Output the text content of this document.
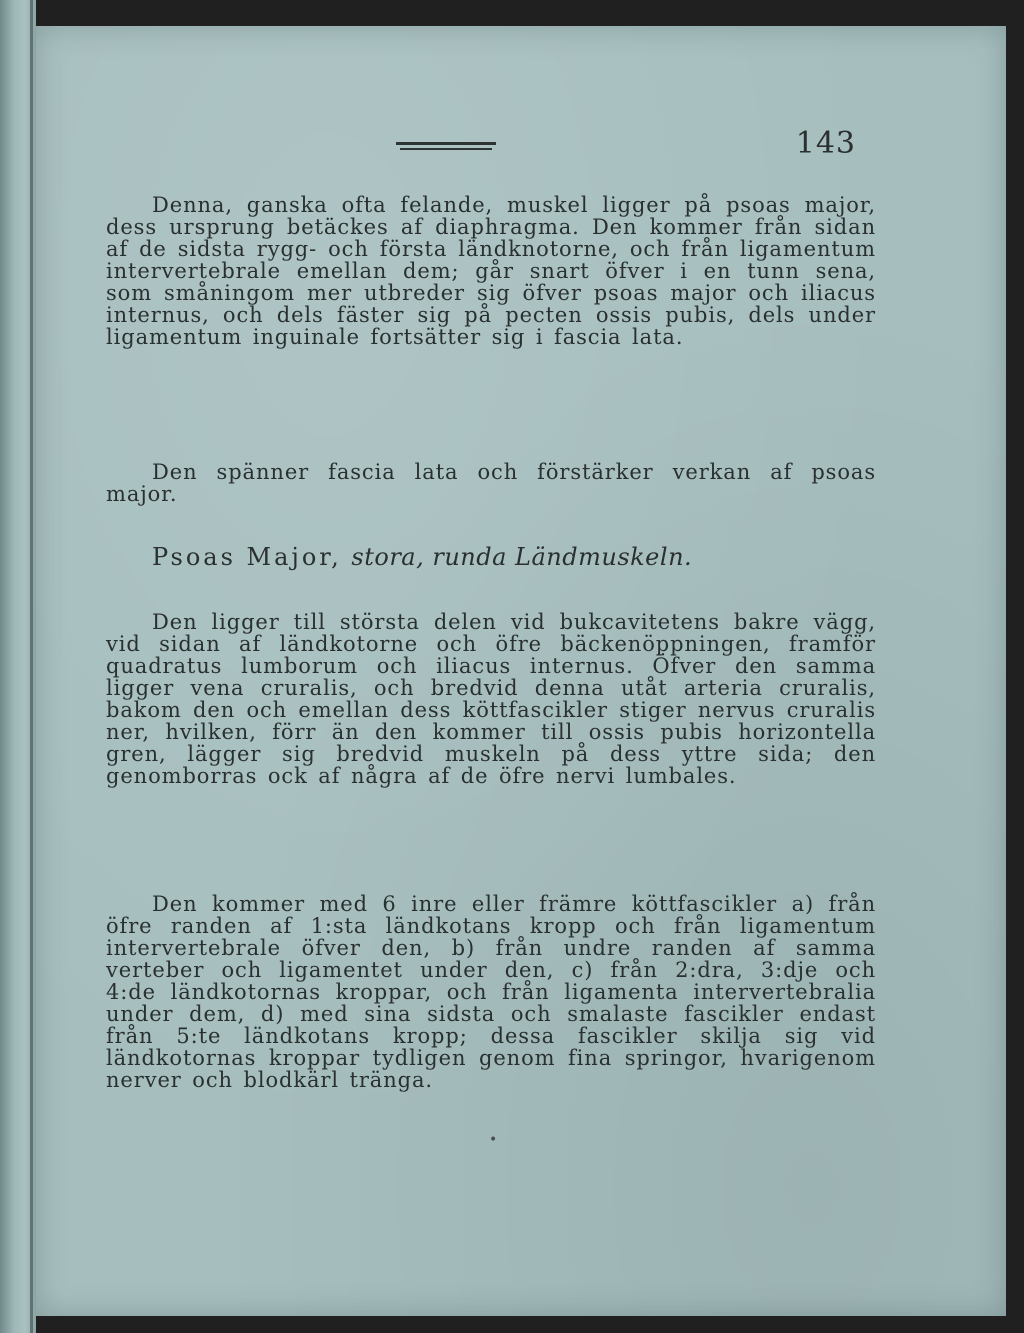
143

Denna, ganska ofta felande, muskel ligger på psoas major, dess ursprung betäckes af diaphragma. Den kommer från sidan af de sidsta rygg- och första ländknotorne, och från ligamentum intervertebrale emellan dem; går snart öfver i en tunn sena, som småningom mer utbreder sig öfver psoas major och iliacus internus, och dels fäster sig på pecten ossis pubis, dels under ligamentum inguinale fortsätter sig i fascia lata.

Den spänner fascia lata och förstärker verkan af psoas major.

Psoas Major, stora, runda Ländmuskeln.

Den ligger till största delen vid bukcavitetens bakre vägg, vid sidan af ländkotorne och öfre bäckenöppningen, framför quadratus lumborum och iliacus internus. Öfver den samma ligger vena cruralis, och bredvid denna utåt arteria cruralis, bakom den och emellan dess köttfascikler stiger nervus cruralis ner, hvilken, förr än den kommer till ossis pubis horizontella gren, lägger sig bredvid muskeln på dess yttre sida; den genomborras ock af några af de öfre nervi lumbales.

Den kommer med 6 inre eller främre köttfascikler a) från öfre randen af 1:sta ländkotans kropp och från ligamentum intervertebrale öfver den, b) från undre randen af samma verteber och ligamentet under den, c) från 2:dra, 3:dje och 4:de ländkotornas kroppar, och från ligamenta intervertebralia under dem, d) med sina sidsta och smalaste fascikler endast från 5:te ländkotans kropp; dessa fascikler skilja sig vid ländkotornas kroppar tydligen genom fina springor, hvarigenom nerver och blodkärl tränga.

•
